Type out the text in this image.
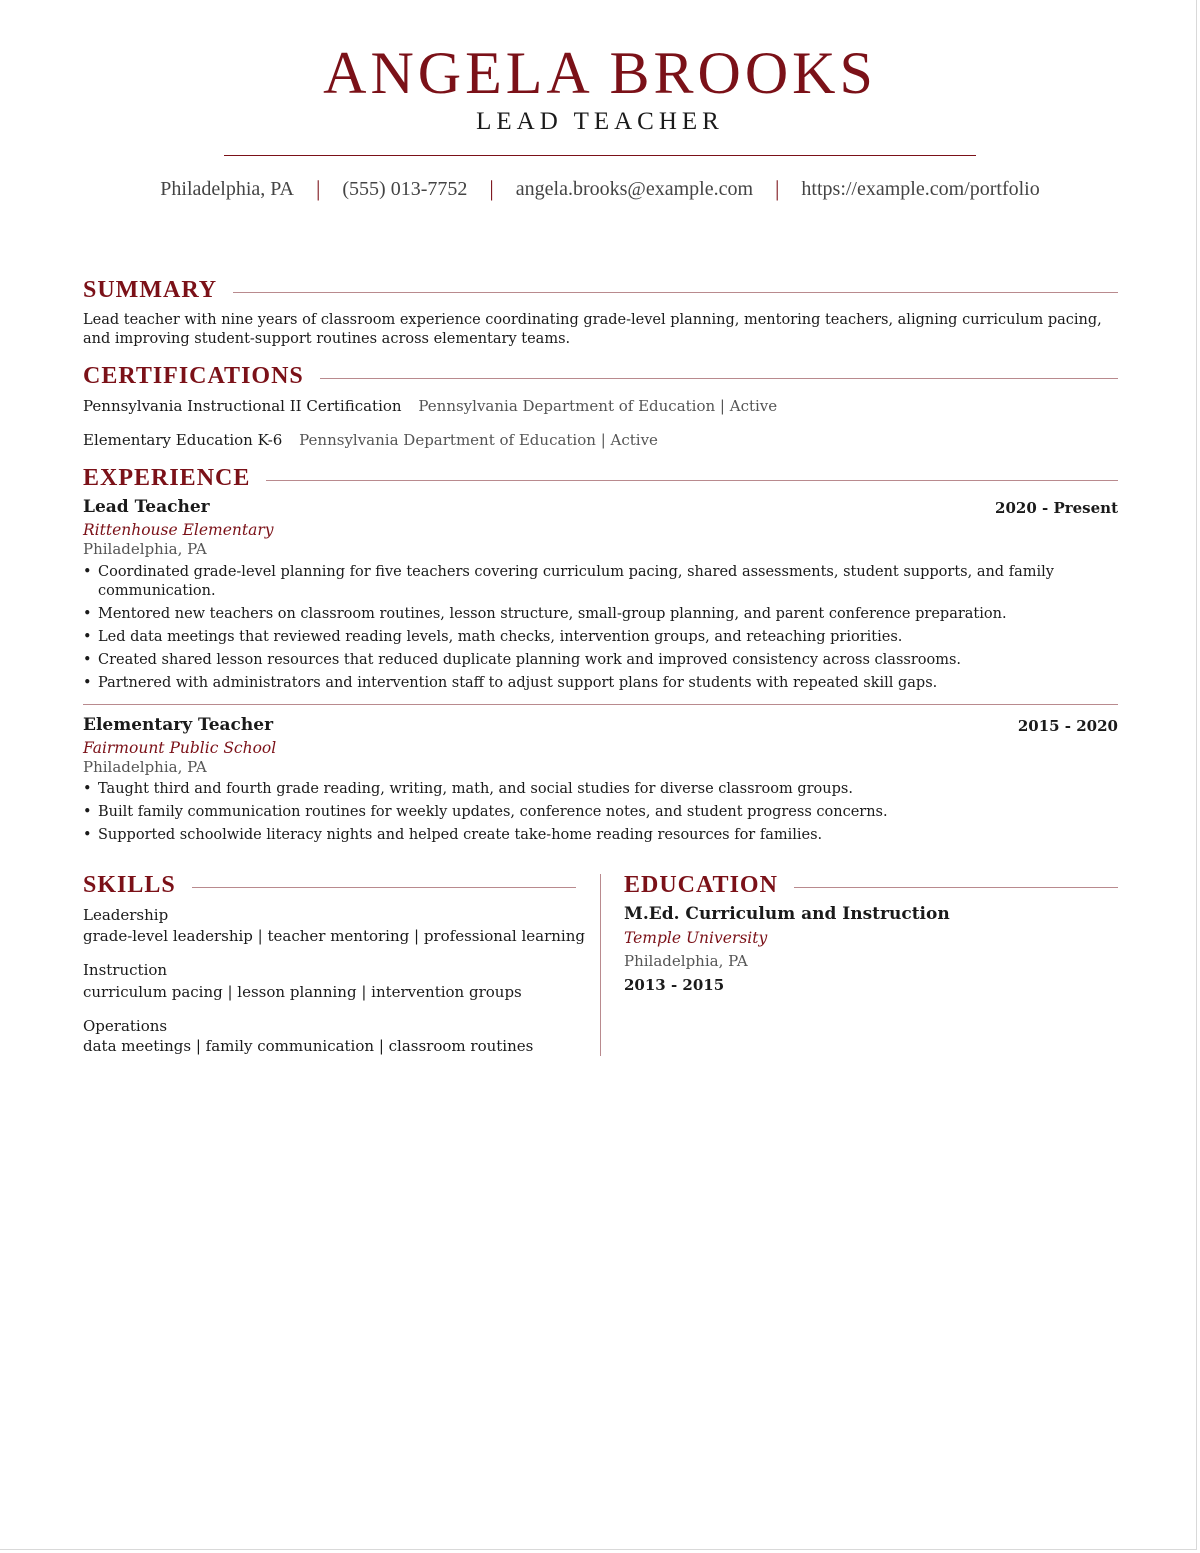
ANGELA BROOKS
LEAD TEACHER
Philadelphia, PA | (555) 013-7752 | angela.brooks@example.com | https://example.com/portfolio
SUMMARY
Lead teacher with nine years of classroom experience coordinating grade-level planning, mentoring teachers, aligning curriculum pacing, and improving student-support routines across elementary teams.
CERTIFICATIONS
Pennsylvania Instructional II Certification Pennsylvania Department of Education | Active
Elementary Education K-6 Pennsylvania Department of Education | Active
EXPERIENCE
Lead Teacher	2020 - Present
Rittenhouse Elementary
Philadelphia, PA
• Coordinated grade-level planning for five teachers covering curriculum pacing, shared assessments, student supports, and family communication.
• Mentored new teachers on classroom routines, lesson structure, small-group planning, and parent conference preparation.
• Led data meetings that reviewed reading levels, math checks, intervention groups, and reteaching priorities.
• Created shared lesson resources that reduced duplicate planning work and improved consistency across classrooms.
• Partnered with administrators and intervention staff to adjust support plans for students with repeated skill gaps.
Elementary Teacher	2015 - 2020
Fairmount Public School
Philadelphia, PA
• Taught third and fourth grade reading, writing, math, and social studies for diverse classroom groups.
• Built family communication routines for weekly updates, conference notes, and student progress concerns.
• Supported schoolwide literacy nights and helped create take-home reading resources for families.
SKILLS
Leadership
grade-level leadership | teacher mentoring | professional learning
Instruction
curriculum pacing | lesson planning | intervention groups
Operations
data meetings | family communication | classroom routines
EDUCATION
M.Ed. Curriculum and Instruction
Temple University
Philadelphia, PA
2013 - 2015
